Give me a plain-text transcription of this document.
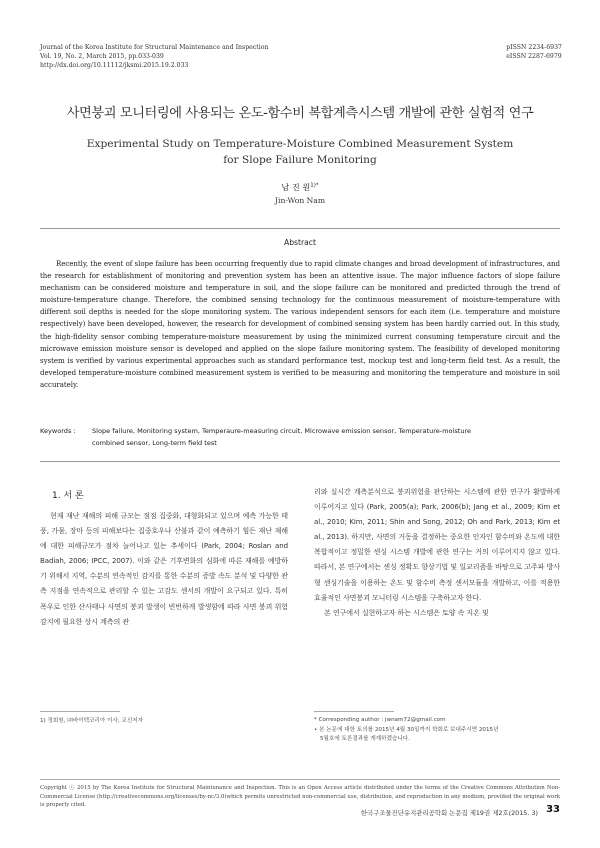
Journal of the Korea Institute for Structural Maintenance and Inspection
Vol. 19, No. 2, March 2015, pp.033-039
http://dx.doi.org/10.11112/jksmi.2015.19.2.033
pISSN 2234-6937
eISSN 2287-6979
사면붕괴 모니터링에 사용되는 온도-함수비 복합계측시스템 개발에 관한 실험적 연구
Experimental Study on Temperature-Moisture Combined Measurement System
for Slope Failure Monitoring
남 진 원$^{1)*}$
Jin-Won Nam
Abstract

Recently, the event of slope failure has been occurring frequently due to rapid climate changes and broad development of infrastructures, and the research for establishment of monitoring and prevention system has been an attentive issue. The major influence factors of slope failure mechanism can be considered moisture and temperature in soil, and the slope failure can be monitored and predicted through the trend of moisture-temperature change. Therefore, the combined sensing technology for the continuous measurement of moisture-temperature with different soil depths is needed for the slope monitoring system. The various independent sensors for each item (i.e. temperature and moisture respectively) have been developed, however, the research for development of combined sensing system has been hardly carried out. In this study, the high-fidelity sensor combing temperature-moisture measurement by using the minimized current consuming temperature circuit and the microwave emission moisture sensor is developed and applied on the slope failure monitoring system. The feasibility of developed monitoring system is verified by various experimental approaches such as standard performance test, mockup test and long-term field test. As a result, the developed temperature-moisture combined measurement system is verified to be measuring and monitoring the temperature and moisture in soil accurately.

Keywords : Slope failure, Monitoring system, Temperaure-measuring circuit, Microwave emission sensor, Temperature-moisture
combined sensor, Long-term field test
1. 서 론

현재 재난 재해의 피해 규모는 점점 집중화, 대형화되고 있으며 예측 가능한 태풍, 가뭄, 장마 등의 피해보다는 집중호우나 산불과 같이 예측하기 힘든 재난 재해에 대한 피해규모가 점차 늘어나고 있는 추세이다 (Park, 2004; Roslan and Badiah, 2006; IPCC, 2007). 이와 같은 기후변화의 심화에 따른 재해를 예방하기 위해서 지역, 수분의 연속적인 감지를 통한 수분의 증발 속도 분석 및 다양한 관측 지점을 연속적으로 관리할 수 있는 고감도 센서의 개발이 요구되고 있다. 특히 폭우로 인한 산사태나 사면의 붕괴 발생이 빈번하게 발생함에 따라 사면 붕괴 위험 감지에 필요한 상시 계측의 관

리와 실시간 계측분석으로 붕괴위험을 판단하는 시스템에 관한 연구가 활발하게 이루어지고 있다 (Park, 2005(a); Park, 2006(b); Jang et al., 2009; Kim et al., 2010; Kim, 2011; Shin and Song, 2012; Oh and Park, 2013; Kim et al., 2013). 하지만, 사면의 거동을 결정하는 중요한 인자인 함수비와 온도에 대한 복합적이고 정밀한 센싱 시스템 개발에 관한 연구는 거의 이루어지지 않고 있다. 따라서, 본 연구에서는 센싱 정확도 향상기법 및 일교리즘을 바탕으로 고주파 방사형 센싱기술을 이용하는 온도 및 함수비 측정 센서모듈을 개발하고, 이를 적용한 효율적인 사면붕괴 모니터링 시스템을 구축하고자 한다.

본 연구에서 실현하고자 하는 시스템은 토양 속 지온 및

1) 정회원, ㈜바이텍코리아 이사, 교신저자	* Corresponding author : jwnam72@gmail.com
• 본 논문에 대한 토의를 2015년 4월 30일까지 학회로 보내주시면 2015년
5월호에 토론결과를 게재하겠습니다.
Copyright ⓒ 2015 by The Korea Institute for Structural Maintenance and Inspection. This is an Open Access article distributed under the terms of the Creative Commons Attribution Non-Commercial License (http://creativecommons.org/licenses/by-nc/3.0)which permits unrestricted non-commercial use, distribution, and reproduction in any medium, provided the original work is properly cited.
한국구조물진단유지관리공학회 논문집 제19권 제2호(2015. 3) 33
